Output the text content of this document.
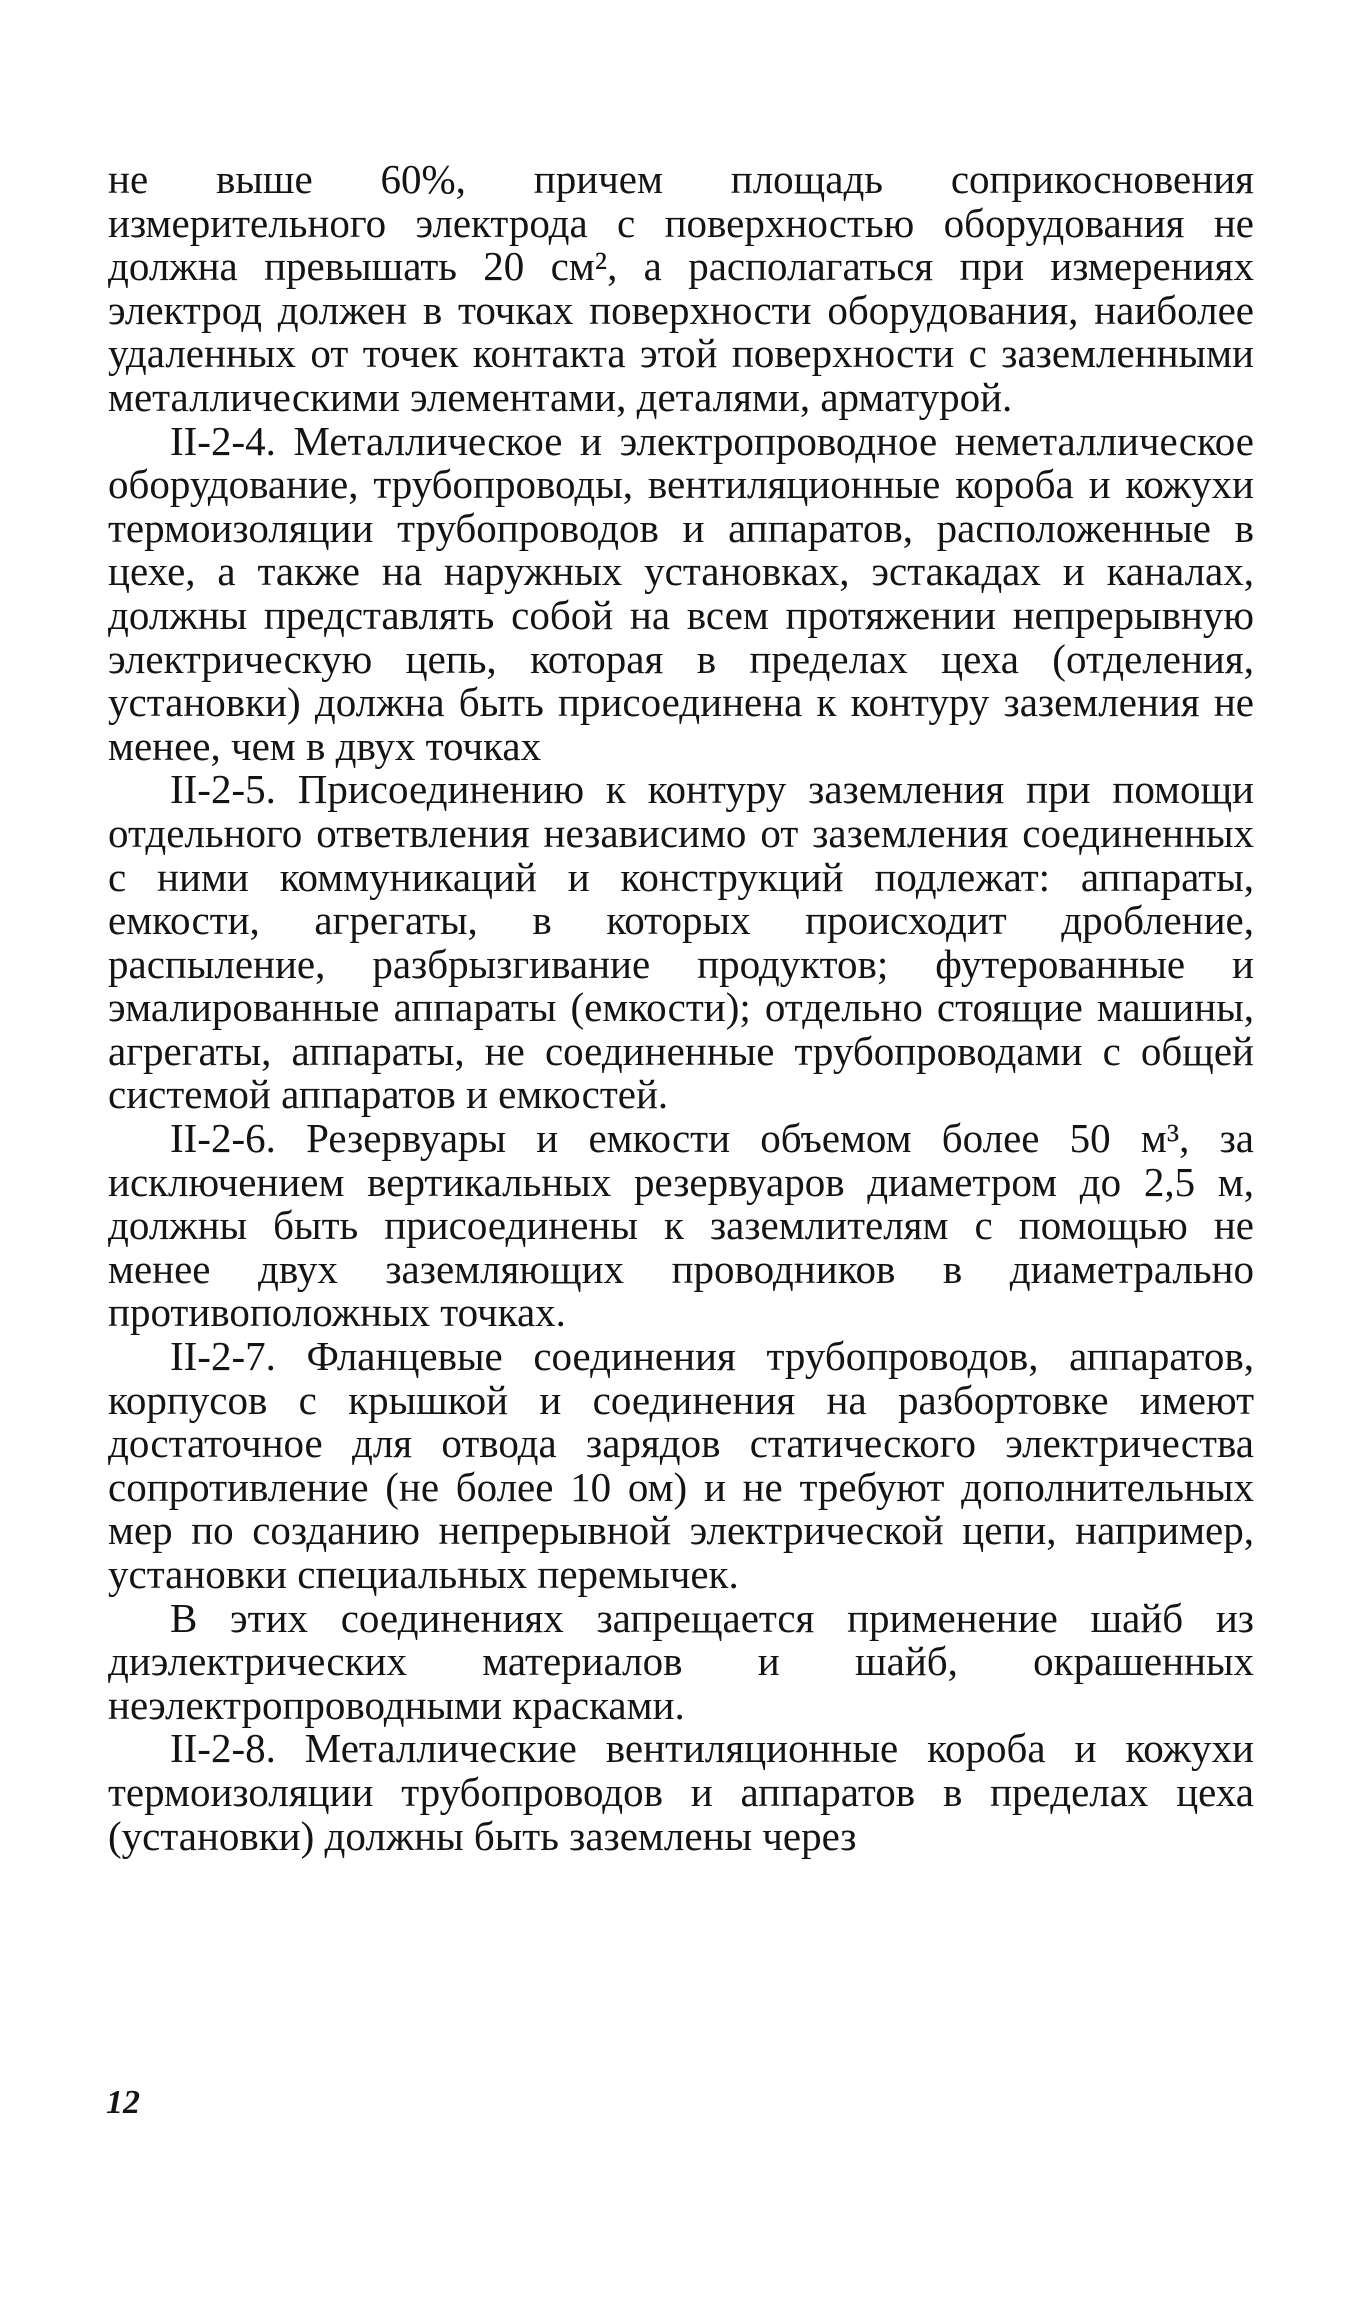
не выше 60%, причем площадь соприкосновения измерительного электрода с поверхностью оборудования не должна превышать 20 см², а располагаться при измерениях электрод должен в точках поверхности оборудования, наиболее удаленных от точек контакта этой поверхности с заземленными металлическими элементами, деталями, арматурой.

II-2-4. Металлическое и электропроводное неметаллическое оборудование, трубопроводы, вентиляционные короба и кожухи термоизоляции трубопроводов и аппаратов, расположенные в цехе, а также на наружных установках, эстакадах и каналах, должны представлять собой на всем протяжении непрерывную электрическую цепь, которая в пределах цеха (отделения, установки) должна быть присоединена к контуру заземления не менее, чем в двух точках

II-2-5. Присоединению к контуру заземления при помощи отдельного ответвления независимо от заземления соединенных с ними коммуникаций и конструкций подлежат: аппараты, емкости, агрегаты, в которых происходит дробление, распыление, разбрызгивание продуктов; футерованные и эмалированные аппараты (емкости); отдельно стоящие машины, агрегаты, аппараты, не соединенные трубопроводами с общей системой аппаратов и емкостей.

II-2-6. Резервуары и емкости объемом более 50 м³, за исключением вертикальных резервуаров диаметром до 2,5 м, должны быть присоединены к заземлителям с помощью не менее двух заземляющих проводников в диаметрально противоположных точках.

II-2-7. Фланцевые соединения трубопроводов, аппаратов, корпусов с крышкой и соединения на разбортовке имеют достаточное для отвода зарядов статического электричества сопротивление (не более 10 ом) и не требуют дополнительных мер по созданию непрерывной электрической цепи, например, установки специальных перемычек.

В этих соединениях запрещается применение шайб из диэлектрических материалов и шайб, окрашенных неэлектропроводными красками.

II-2-8. Металлические вентиляционные короба и кожухи термоизоляции трубопроводов и аппаратов в пределах цеха (установки) должны быть заземлены через

12
